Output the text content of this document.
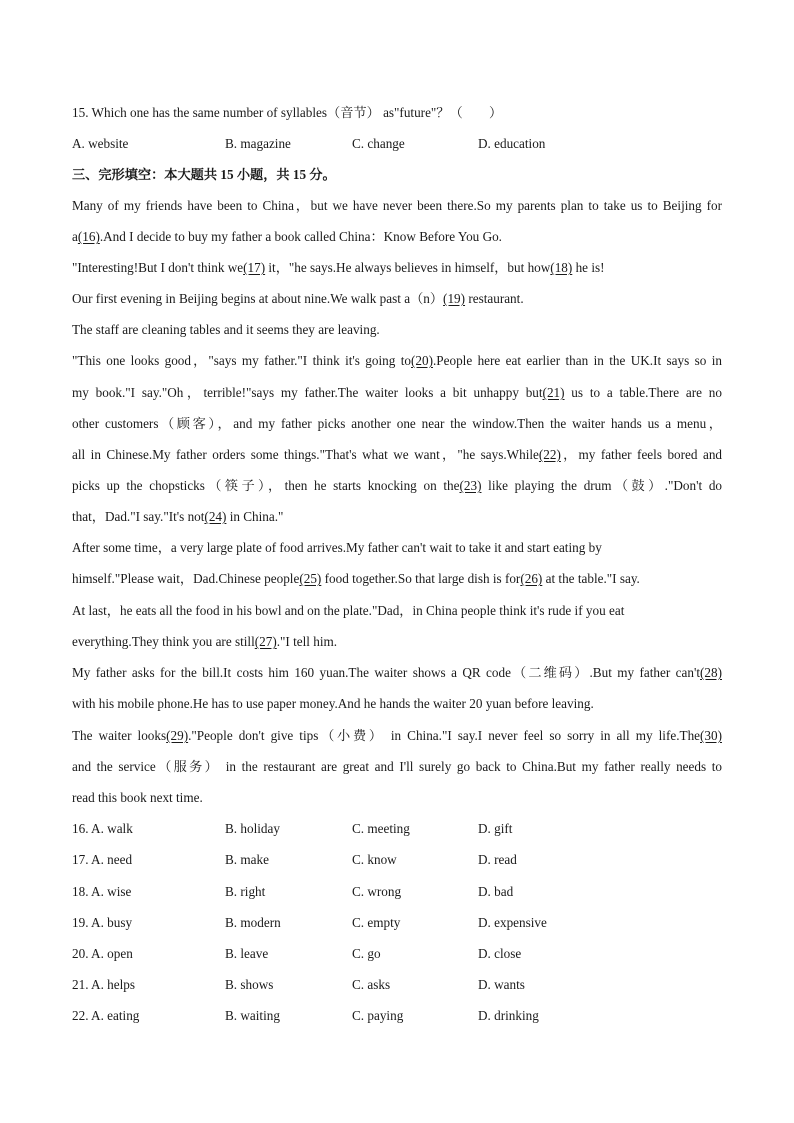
15. Which one has the same number of syllables（音节） as"future"？（　　）
A. website	B. magazine	C. change	D. education
三、完形填空：本大题共 15 小题，共 15 分。
Many of my friends have been to China，but we have never been there.So my parents plan to take us to Beijing for
a(16).And I decide to buy my father a book called China：Know Before You Go.
"Interesting!But I don't think we(17) it，"he says.He always believes in himself，but how(18) he is!
Our first evening in Beijing begins at about nine.We walk past a（n）(19) restaurant.
The staff are cleaning tables and it seems they are leaving.
"This one looks good，"says my father."I think it's going to(20).People here eat earlier than in the UK.It says so in
my book."I say."Oh，terrible!"says my father.The waiter looks a bit unhappy but(21) us to a table.There are no
other customers（顾客），and my father picks another one near the window.Then the waiter hands us a menu，
all in Chinese.My father orders some things."That's what we want，"he says.While(22)，my father feels bored and
picks up the chopsticks（筷子），then he starts knocking on the(23) like playing the drum（鼓）."Don't do
that，Dad."I say."It's not(24) in China."
After some time，a very large plate of food arrives.My father can't wait to take it and start eating by
himself."Please wait，Dad.Chinese people(25) food together.So that large dish is for(26) at the table."I say.
At last，he eats all the food in his bowl and on the plate."Dad，in China people think it's rude if you eat
everything.They think you are still(27)."I tell him.
My father asks for the bill.It costs him 160 yuan.The waiter shows a QR code（二维码）.But my father can't(28)
with his mobile phone.He has to use paper money.And he hands the waiter 20 yuan before leaving.
The waiter looks(29)."People don't give tips（小费） in China."I say.I never feel so sorry in all my life.The(30)
and the service（服务） in the restaurant are great and I'll surely go back to China.But my father really needs to
read this book next time.
16. A. walk	B. holiday	C. meeting	D. gift
17. A. need	B. make	C. know	D. read
18. A. wise	B. right	C. wrong	D. bad
19. A. busy	B. modern	C. empty	D. expensive
20. A. open	B. leave	C. go	D. close
21. A. helps	B. shows	C. asks	D. wants
22. A. eating	B. waiting	C. paying	D. drinking
